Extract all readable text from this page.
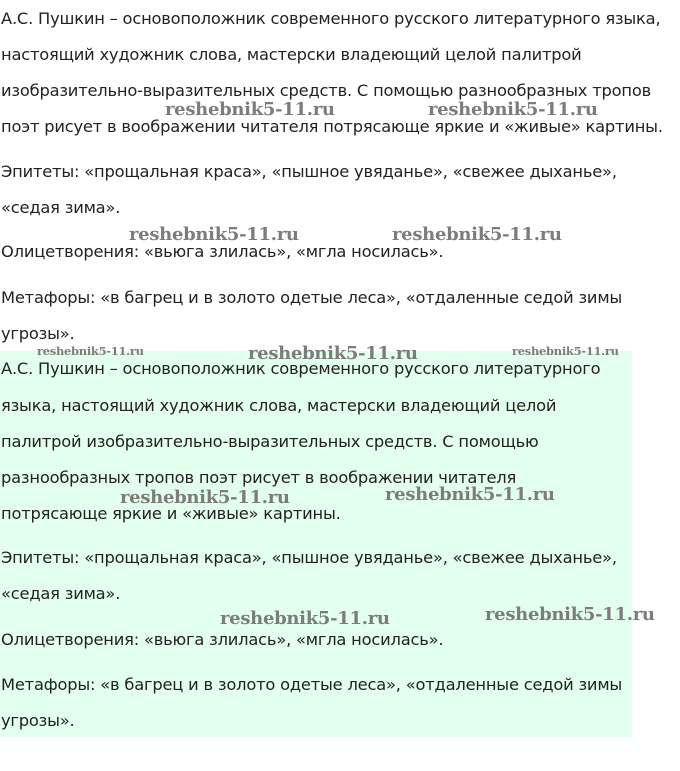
А.С. Пушкин – основоположник современного русского литературного языка,
настоящий художник слова, мастерски владеющий целой палитрой
изобразительно-выразительных средств. С помощью разнообразных тропов
поэт рисует в воображении читателя потрясающе яркие и «живые» картины.
Эпитеты: «прощальная краса», «пышное увяданье», «свежее дыханье»,
«седая зима».
Олицетворения: «вьюга злилась», «мгла носилась».
Метафоры: «в багрец и в золото одетые леса», «отдаленные седой зимы
угрозы».
А.С. Пушкин – основоположник современного русского литературного
языка, настоящий художник слова, мастерски владеющий целой
палитрой изобразительно-выразительных средств. С помощью
разнообразных тропов поэт рисует в воображении читателя
потрясающе яркие и «живые» картины.
Эпитеты: «прощальная краса», «пышное увяданье», «свежее дыханье»,
«седая зима».
Олицетворения: «вьюга злилась», «мгла носилась».
Метафоры: «в багрец и в золото одетые леса», «отдаленные седой зимы
угрозы».
reshebnik5-11.ru	reshebnik5-11.ru
reshebnik5-11.ru	reshebnik5-11.ru
reshebnik5-11.ru	reshebnik5-11.ru	reshebnik5-11.ru
reshebnik5-11.ru	reshebnik5-11.ru
reshebnik5-11.ru	reshebnik5-11.ru
